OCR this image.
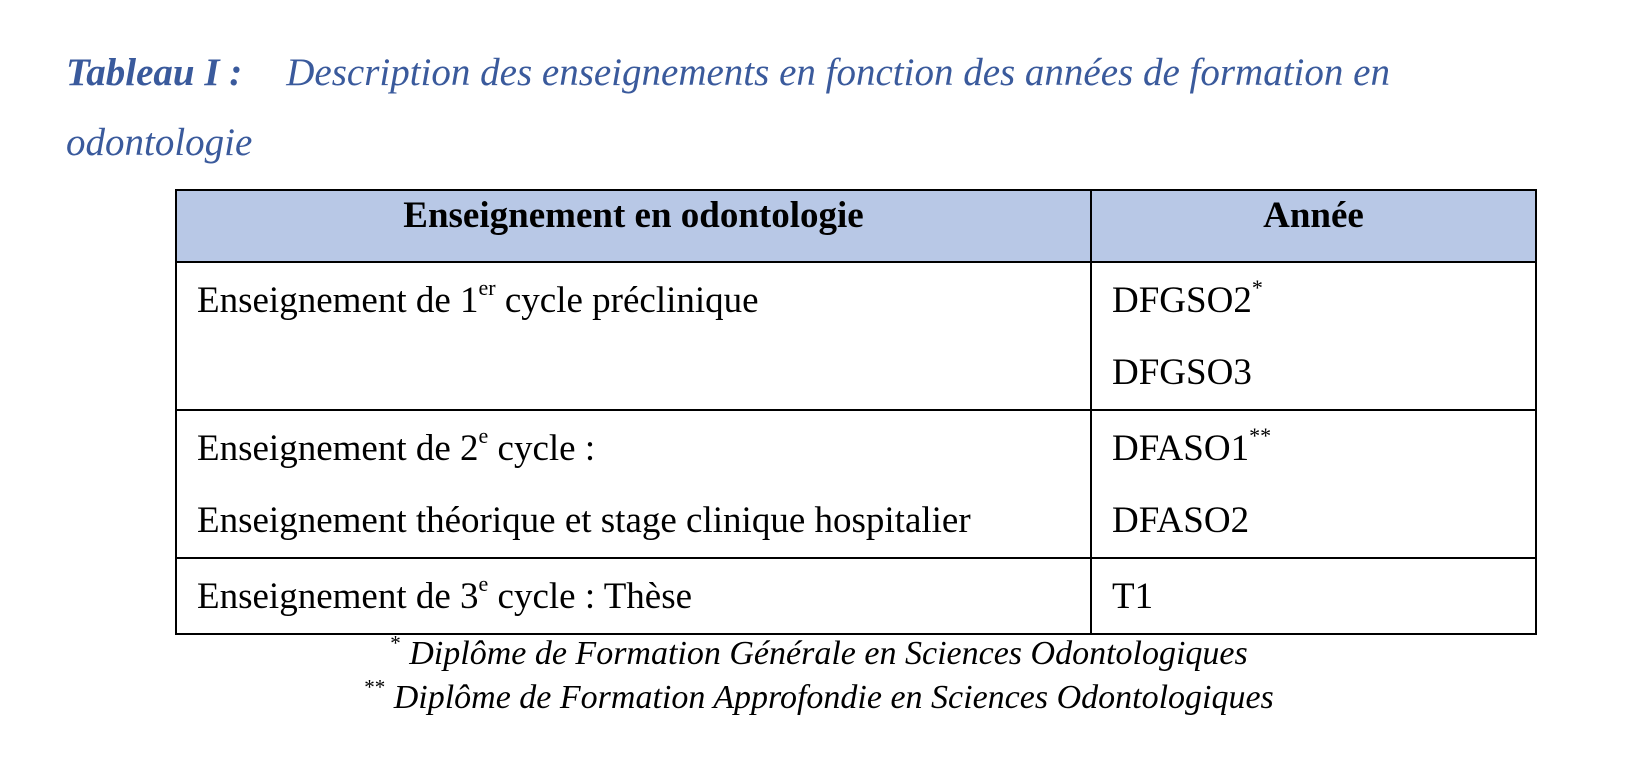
Tableau I : Description des enseignements en fonction des années de formation en
odontologie
Enseignement en odontologie	Année

Enseignement de 1er cycle préclinique	DFGSO2*
DFGSO3

Enseignement de 2e cycle :
Enseignement théorique et stage clinique hospitalier	DFASO1**
DFASO2

Enseignement de 3e cycle : Thèse	T1
* Diplôme de Formation Générale en Sciences Odontologiques
** Diplôme de Formation Approfondie en Sciences Odontologiques
